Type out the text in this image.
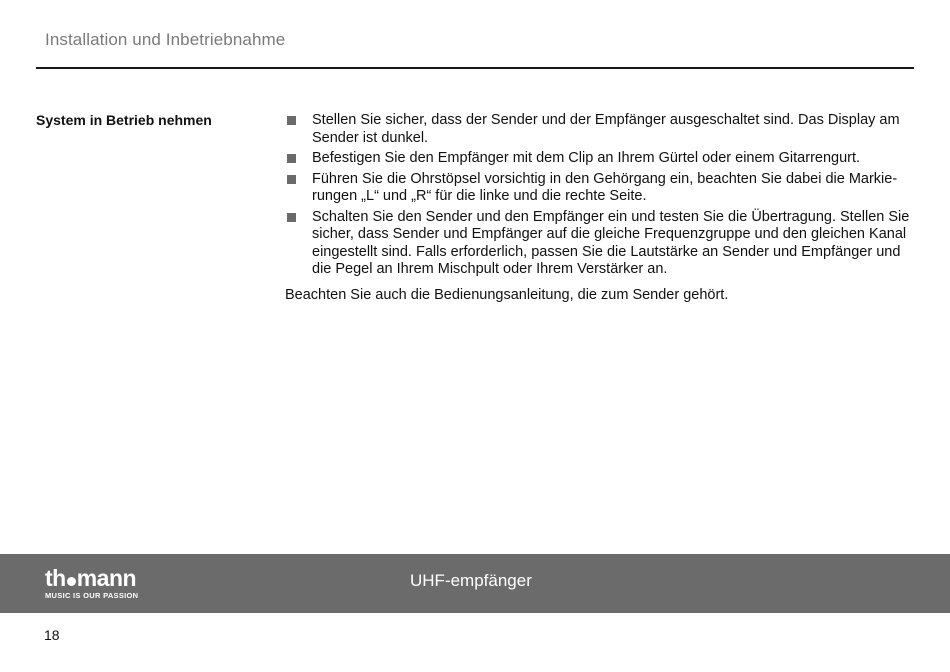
Installation und Inbetriebnahme
System in Betrieb nehmen	Stellen Sie sicher, dass der Sender und der Empfänger ausgeschaltet sind. Das Display am Sender ist dunkel.
Befestigen Sie den Empfänger mit dem Clip an Ihrem Gürtel oder einem Gitarrengurt.
Führen Sie die Ohrstöpsel vorsichtig in den Gehörgang ein, beachten Sie dabei die Markierungen „L“ und „R“ für die linke und die rechte Seite.
Schalten Sie den Sender und den Empfänger ein und testen Sie die Übertragung. Stellen Sie sicher, dass Sender und Empfänger auf die gleiche Frequenzgruppe und den gleichen Kanal eingestellt sind. Falls erforderlich, passen Sie die Lautstärke an Sender und Empfänger und die Pegel an Ihrem Mischpult oder Ihrem Verstärker an.
Beachten Sie auch die Bedienungsanleitung, die zum Sender gehört.
th mann
MUSIC IS OUR PASSION
UHF-empfänger
18
